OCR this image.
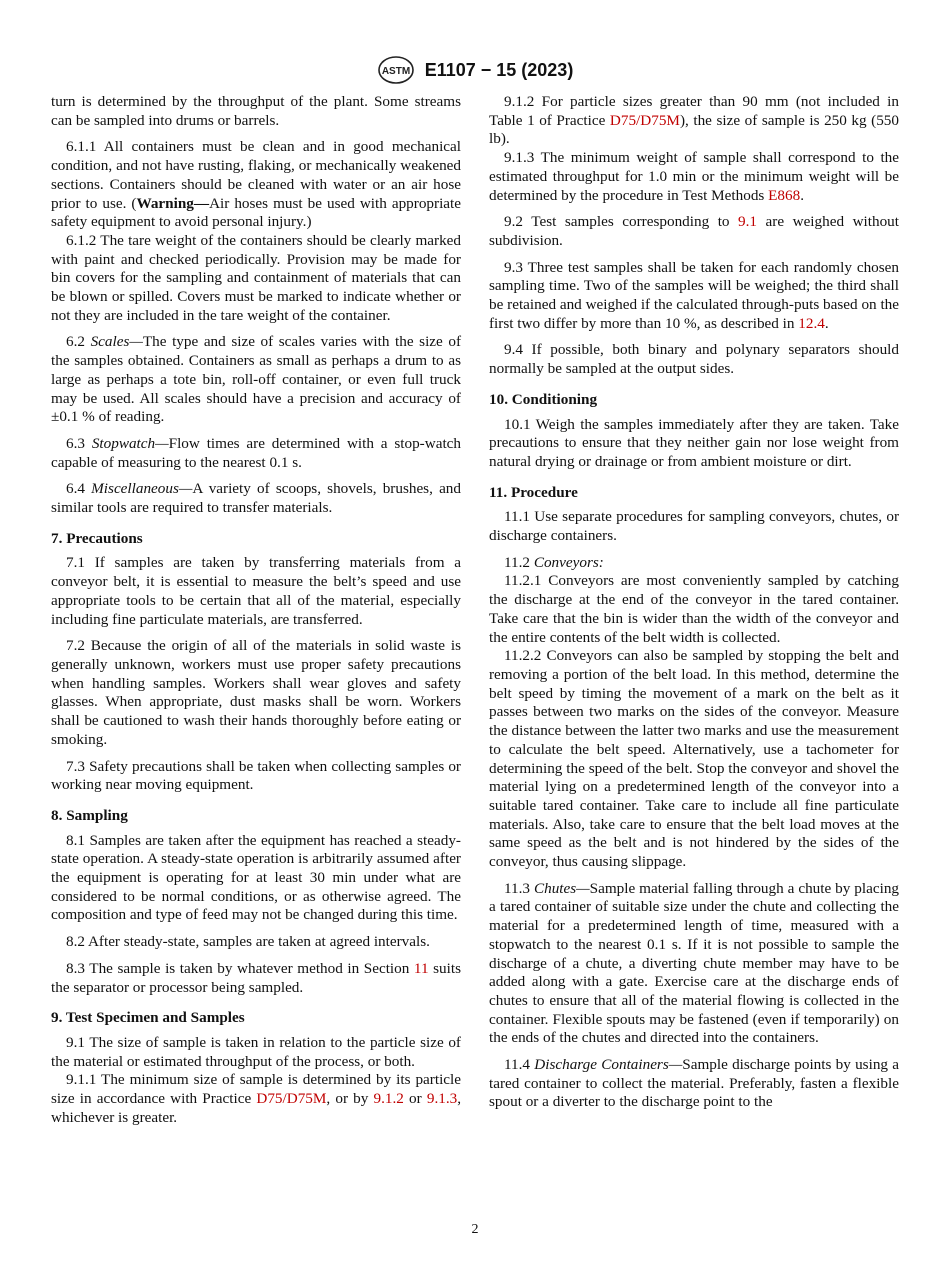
ASTM E1107 − 15 (2023)

turn is determined by the throughput of the plant. Some streams can be sampled into drums or barrels.

6.1.1 All containers must be clean and in good mechanical condition, and not have rusting, flaking, or mechanically weakened sections. Containers should be cleaned with water or an air hose prior to use. (Warning—Air hoses must be used with appropriate safety equipment to avoid personal injury.)

6.1.2 The tare weight of the containers should be clearly marked with paint and checked periodically. Provision may be made for bin covers for the sampling and containment of materials that can be blown or spilled. Covers must be marked to indicate whether or not they are included in the tare weight of the container.

6.2 Scales—The type and size of scales varies with the size of the samples obtained. Containers as small as perhaps a drum to as large as perhaps a tote bin, roll-off container, or even full truck may be used. All scales should have a precision and accuracy of ±0.1 % of reading.

6.3 Stopwatch—Flow times are determined with a stop-watch capable of measuring to the nearest 0.1 s.

6.4 Miscellaneous—A variety of scoops, shovels, brushes, and similar tools are required to transfer materials.

7. Precautions

7.1 If samples are taken by transferring materials from a conveyor belt, it is essential to measure the belt’s speed and use appropriate tools to be certain that all of the material, especially including fine particulate materials, are transferred.

7.2 Because the origin of all of the materials in solid waste is generally unknown, workers must use proper safety precautions when handling samples. Workers shall wear gloves and safety glasses. When appropriate, dust masks shall be worn. Workers shall be cautioned to wash their hands thoroughly before eating or smoking.

7.3 Safety precautions shall be taken when collecting samples or working near moving equipment.

8. Sampling

8.1 Samples are taken after the equipment has reached a steady-state operation. A steady-state operation is arbitrarily assumed after the equipment is operating for at least 30 min under what are considered to be normal conditions, or as otherwise agreed. The composition and type of feed may not be changed during this time.

8.2 After steady-state, samples are taken at agreed intervals.

8.3 The sample is taken by whatever method in Section 11 suits the separator or processor being sampled.

9. Test Specimen and Samples

9.1 The size of sample is taken in relation to the particle size of the material or estimated throughput of the process, or both.

9.1.1 The minimum size of sample is determined by its particle size in accordance with Practice D75/D75M, or by 9.1.2 or 9.1.3, whichever is greater.

9.1.2 For particle sizes greater than 90 mm (not included in Table 1 of Practice D75/D75M), the size of sample is 250 kg (550 lb).

9.1.3 The minimum weight of sample shall correspond to the estimated throughput for 1.0 min or the minimum weight will be determined by the procedure in Test Methods E868.

9.2 Test samples corresponding to 9.1 are weighed without subdivision.

9.3 Three test samples shall be taken for each randomly chosen sampling time. Two of the samples will be weighed; the third shall be retained and weighed if the calculated through-puts based on the first two differ by more than 10 %, as described in 12.4.

9.4 If possible, both binary and polynary separators should normally be sampled at the output sides.

10. Conditioning

10.1 Weigh the samples immediately after they are taken. Take precautions to ensure that they neither gain nor lose weight from natural drying or drainage or from ambient moisture or dirt.

11. Procedure

11.1 Use separate procedures for sampling conveyors, chutes, or discharge containers.

11.2 Conveyors:

11.2.1 Conveyors are most conveniently sampled by catching the discharge at the end of the conveyor in the tared container. Take care that the bin is wider than the width of the conveyor and the entire contents of the belt width is collected.

11.2.2 Conveyors can also be sampled by stopping the belt and removing a portion of the belt load. In this method, determine the belt speed by timing the movement of a mark on the belt as it passes between two marks on the sides of the conveyor. Measure the distance between the latter two marks and use the measurement to calculate the belt speed. Alternatively, use a tachometer for determining the speed of the belt. Stop the conveyor and shovel the material lying on a predetermined length of the conveyor into a suitable tared container. Take care to include all fine particulate materials. Also, take care to ensure that the belt load moves at the same speed as the belt and is not hindered by the sides of the conveyor, thus causing slippage.

11.3 Chutes—Sample material falling through a chute by placing a tared container of suitable size under the chute and collecting the material for a predetermined length of time, measured with a stopwatch to the nearest 0.1 s. If it is not possible to sample the discharge of a chute, a diverting chute member may have to be added along with a gate. Exercise care at the discharge ends of chutes to ensure that all of the material flowing is collected in the container. Flexible spouts may be fastened (even if temporarily) on the ends of the chutes and directed into the containers.

11.4 Discharge Containers—Sample discharge points by using a tared container to collect the material. Preferably, fasten a flexible spout or a diverter to the discharge point to the

2
